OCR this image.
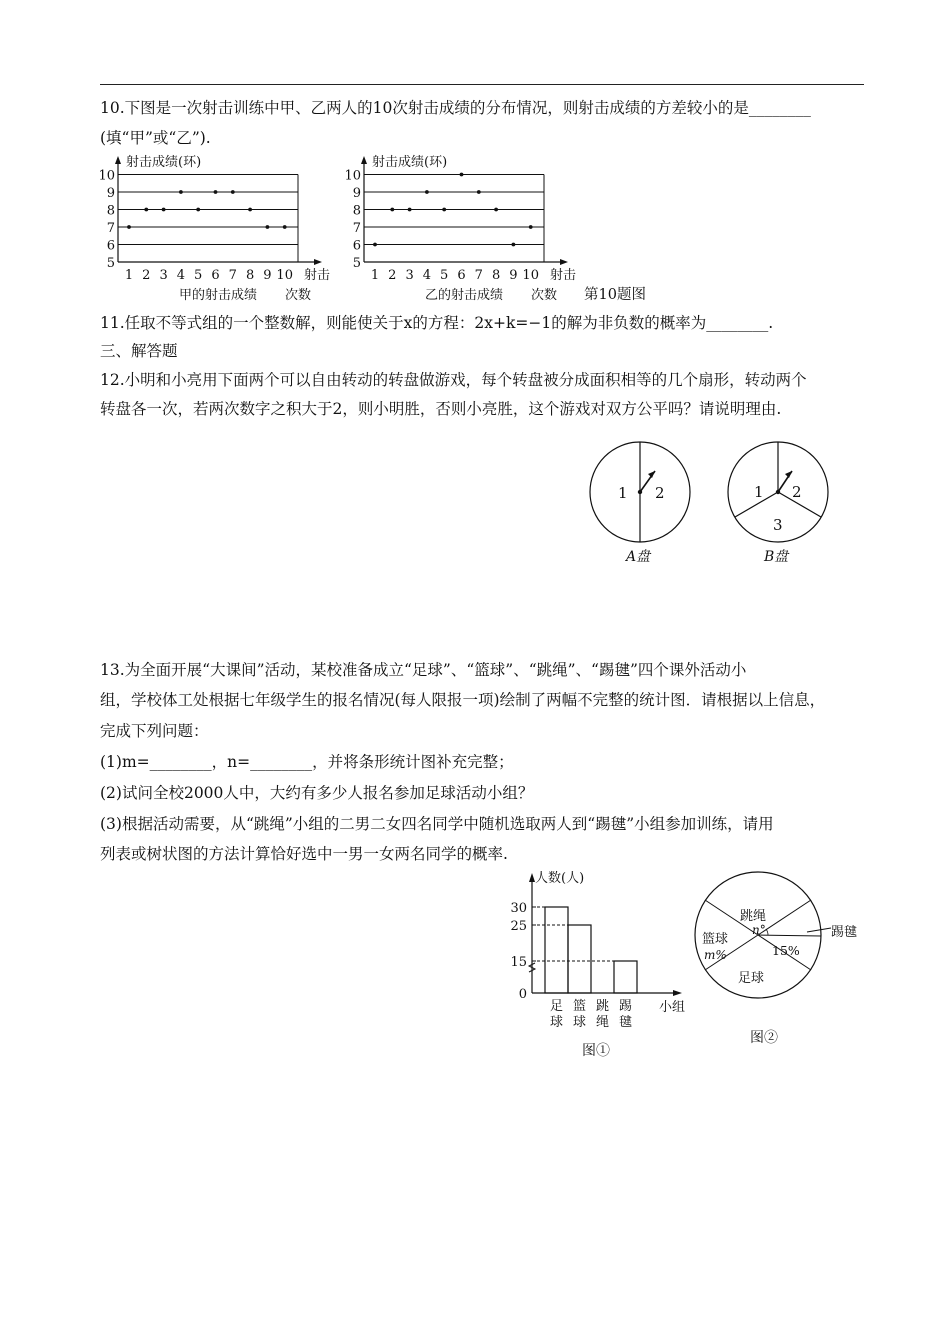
10.下图是一次射击训练中甲、乙两人的10次射击成绩的分布情况，则射击成绩的方差较小的是________
(填“甲”或“乙”).
5
6
7
8
9
10
1 2 3 4 5 6 7 8 9 10
射击成绩(环)
射击
次数
甲的射击成绩
5
6
7
8
9
10
1 2 3 4 5 6 7 8 9 10
射击成绩(环)
射击
次数
乙的射击成绩	第10题图
11.任取不等式组的一个整数解，则能使关于x的方程：2x+k=−1的解为非负数的概率为________.
三、解答题
12.小明和小亮用下面两个可以自由转动的转盘做游戏，每个转盘被分成面积相等的几个扇形，转动两个
转盘各一次，若两次数字之积大于2，则小明胜，否则小亮胜，这个游戏对双方公平吗？请说明理由.
1 2
A盘
1 2
3
B盘
13.为全面开展“大课间”活动，某校准备成立“足球”、“篮球”、“跳绳”、“踢毽”四个课外活动小
组，学校体工处根据七年级学生的报名情况(每人限报一项)绘制了两幅不完整的统计图．请根据以上信息，
完成下列问题：
(1)m=________，n=________，并将条形统计图补充完整；
(2)试问全校2000人中，大约有多少人报名参加足球活动小组？
(3)根据活动需要，从“跳绳”小组的二男二女四名同学中随机选取两人到“踢毽”小组参加训练，请用
列表或树状图的方法计算恰好选中一男一女两名同学的概率.
人数(人)
0
15
25
30
足
球
篮
球
跳
绳
踢
毽
小组
图①
跳绳
n°
篮球
m%	15%
足球
踢毽
图②
